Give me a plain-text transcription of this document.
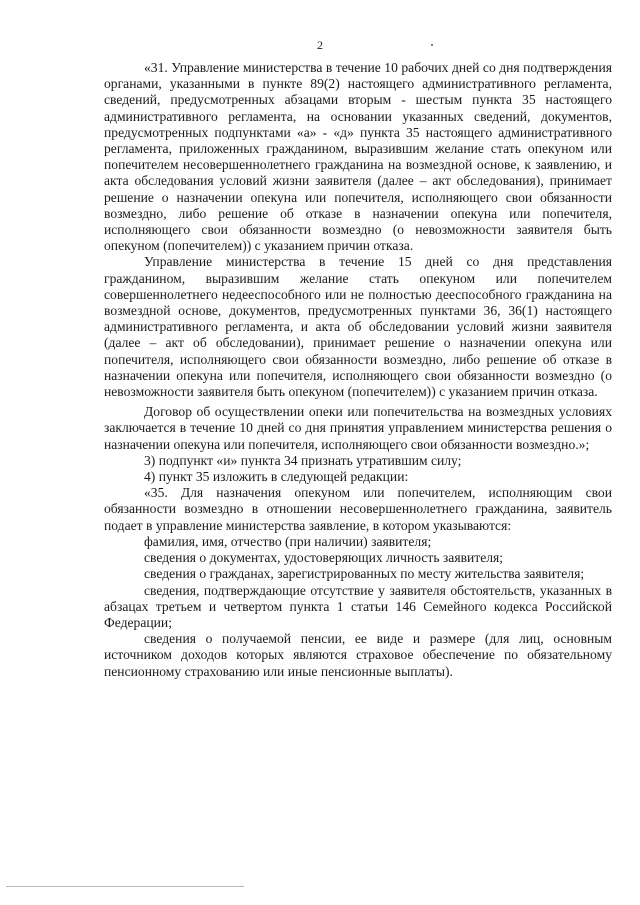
2

«31. Управление министерства в течение 10 рабочих дней со дня подтверждения органами, указанными в пункте 89(2) настоящего административного регламента, сведений, предусмотренных абзацами вторым - шестым пункта 35 настоящего административного регламента, на основании указанных сведений, документов, предусмотренных подпунктами «а» - «д» пункта 35 настоящего административного регламента, приложенных гражданином, выразившим желание стать опекуном или попечителем несовершеннолетнего гражданина на возмездной основе, к заявлению, и акта обследования условий жизни заявителя (далее – акт обследования), принимает решение о назначении опекуна или попечителя, исполняющего свои обязанности возмездно, либо решение об отказе в назначении опекуна или попечителя, исполняющего свои обязанности возмездно (о невозможности заявителя быть опекуном (попечителем)) с указанием причин отказа.

Управление министерства в течение 15 дней со дня представления гражданином, выразившим желание стать опекуном или попечителем совершеннолетнего недееспособного или не полностью дееспособного гражданина на возмездной основе, документов, предусмотренных пунктами 36, 36(1) настоящего административного регламента, и акта об обследовании условий жизни заявителя (далее – акт об обследовании), принимает решение о назначении опекуна или попечителя, исполняющего свои обязанности возмездно, либо решение об отказе в назначении опекуна или попечителя, исполняющего свои обязанности возмездно (о невозможности заявителя быть опекуном (попечителем)) с указанием причин отказа.

Договор об осуществлении опеки или попечительства на возмездных условиях заключается в течение 10 дней со дня принятия управлением министерства решения о назначении опекуна или попечителя, исполняющего свои обязанности возмездно.»;

3) подпункт «и» пункта 34 признать утратившим силу;

4) пункт 35 изложить в следующей редакции:

«35. Для назначения опекуном или попечителем, исполняющим свои обязанности возмездно в отношении несовершеннолетнего гражданина, заявитель подает в управление министерства заявление, в котором указываются:

фамилия, имя, отчество (при наличии) заявителя;

сведения о документах, удостоверяющих личность заявителя;

сведения о гражданах, зарегистрированных по месту жительства заявителя;

сведения, подтверждающие отсутствие у заявителя обстоятельств, указанных в абзацах третьем и четвертом пункта 1 статьи 146 Семейного кодекса Российской Федерации;

сведения о получаемой пенсии, ее виде и размере (для лиц, основным источником доходов которых являются страховое обеспечение по обязательному пенсионному страхованию или иные пенсионные выплаты).
